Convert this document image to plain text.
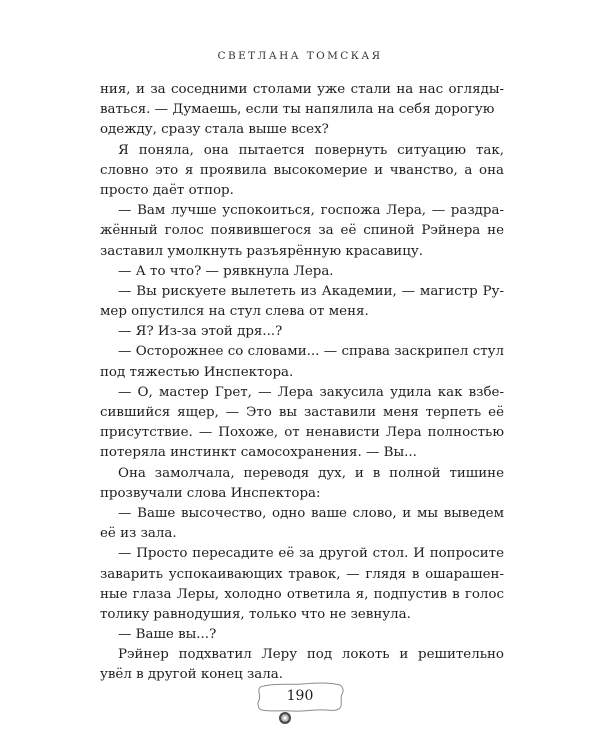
СВЕТЛАНА ТОМСКАЯ
ния, и за соседними столами уже стали на нас огляды-
ваться. — Думаешь, если ты напялила на себя дорогую
одежду, сразу стала выше всех?
Я поняла, она пытается повернуть ситуацию так,
словно это я проявила высокомерие и чванство, а она
просто даёт отпор.
— Вам лучше успокоиться, госпожа Лера, — раздра-
жённый голос появившегося за её спиной Рэйнера не
заставил умолкнуть разъярённую красавицу.
— А то что? — рявкнула Лера.
— Вы рискуете вылететь из Академии, — магистр Ру-
мер опустился на стул слева от меня.
— Я? Из-за этой дря...?
— Осторожнее со словами... — справа заскрипел стул
под тяжестью Инспектора.
— О, мастер Грет, — Лера закусила удила как взбе-
сившийся ящер, — Это вы заставили меня терпеть её
присутствие. — Похоже, от ненависти Лера полностью
потеряла инстинкт самосохранения. — Вы...
Она замолчала, переводя дух, и в полной тишине
прозвучали слова Инспектора:
— Ваше высочество, одно ваше слово, и мы выведем
её из зала.
— Просто пересадите её за другой стол. И попросите
заварить успокаивающих травок, — глядя в ошарашен-
ные глаза Леры, холодно ответила я, подпустив в голос
толику равнодушия, только что не зевнула.
— Ваше вы...?
Рэйнер подхватил Леру под локоть и решительно
увёл в другой конец зала.
190
